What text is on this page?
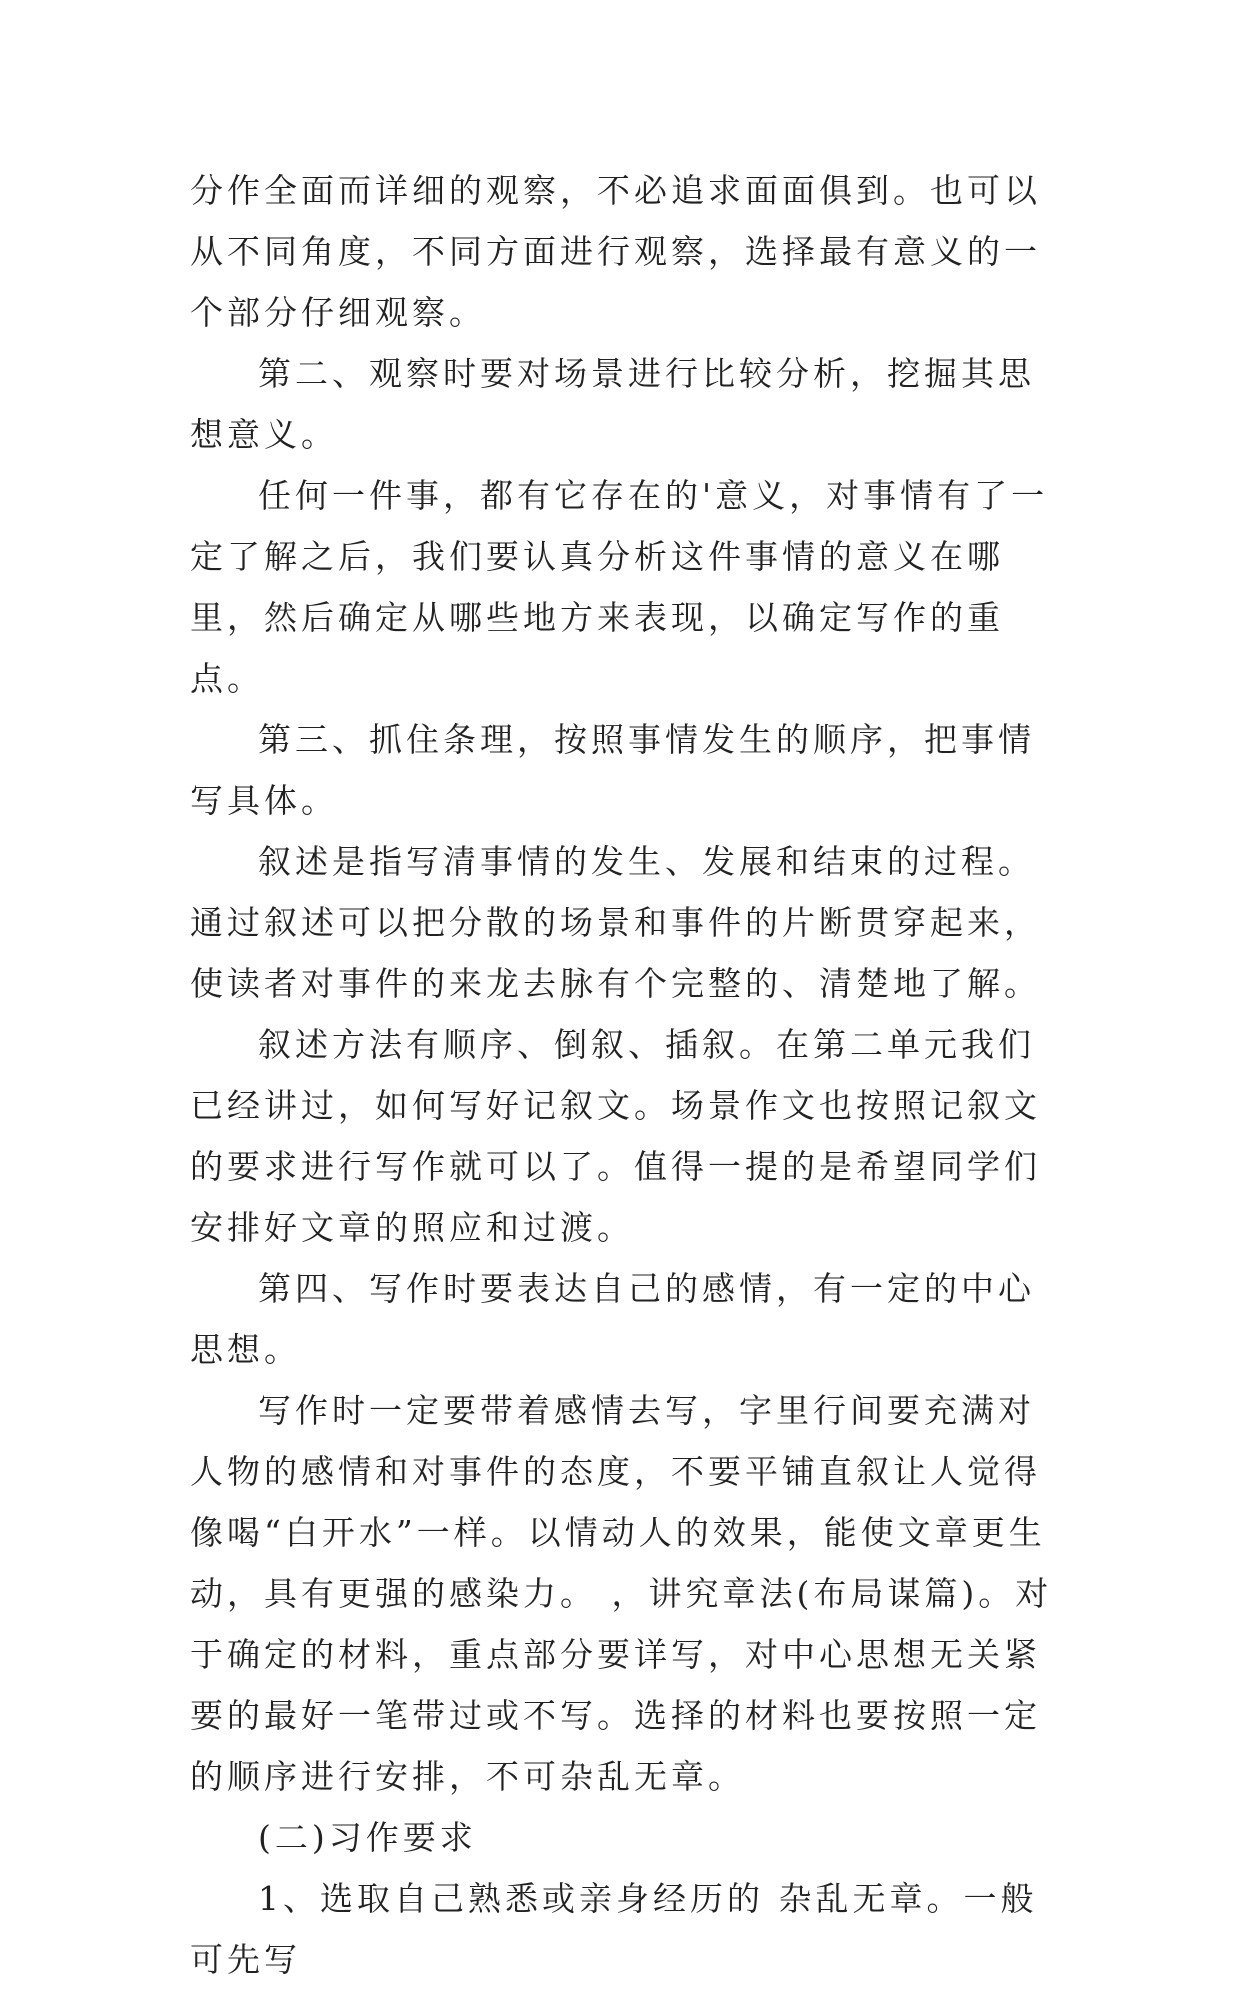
分作全面而详细的观察，不必追求面面俱到。也可以从不同角度，不同方面进行观察，选择最有意义的一个部分仔细观察。

第二、观察时要对场景进行比较分析，挖掘其思想意义。

任何一件事，都有它存在的'意义，对事情有了一定了解之后，我们要认真分析这件事情的意义在哪里，然后确定从哪些地方来表现，以确定写作的重点。

第三、抓住条理，按照事情发生的顺序，把事情写具体。

叙述是指写清事情的发生、发展和结束的过程。通过叙述可以把分散的场景和事件的片断贯穿起来，使读者对事件的来龙去脉有个完整的、清楚地了解。

叙述方法有顺序、倒叙、插叙。在第二单元我们已经讲过，如何写好记叙文。场景作文也按照记叙文的要求进行写作就可以了。值得一提的是希望同学们安排好文章的照应和过渡。

第四、写作时要表达自己的感情，有一定的中心思想。

写作时一定要带着感情去写，字里行间要充满对人物的感情和对事件的态度，不要平铺直叙让人觉得像喝“白开水”一样。以情动人的效果，能使文章更生动，具有更强的感染力。 ，讲究章法(布局谋篇)。对于确定的材料，重点部分要详写，对中心思想无关紧要的最好一笔带过或不写。选择的材料也要按照一定的顺序进行安排，不可杂乱无章。

(二)习作要求

1、选取自己熟悉或亲身经历的 杂乱无章。一般可先写
